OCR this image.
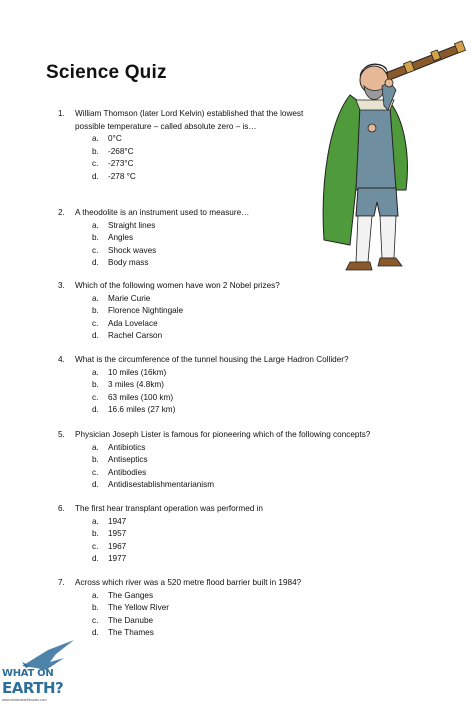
Science Quiz
1.	William Thomson (later Lord Kelvin) established that the lowest possible temperature – called absolute zero – is…
a.	0°C
b.	-268°C
c.	-273°C
d.	-278 °C
2.	A theodolite is an instrument used to measure…
a.	Straight lines
b.	Angles
c.	Shock waves
d.	Body mass
3.	Which of the following women have won 2 Nobel prizes?
a.	Marie Curie
b.	Florence Nightingale
c.	Ada Lovelace
d.	Rachel Carson
4.	What is the circumference of the tunnel housing the Large Hadron Collider?
a.	10 miles (16km)
b.	3 miles (4.8km)
c.	63 miles (100 km)
d.	16.6 miles (27 km)
5.	Physician Joseph Lister is famous for pioneering which of the following concepts?
a.	Antibiotics
b.	Antiseptics
c.	Antibodies
d.	Antidisestablishmentarianism
6.	The first hear transplant operation was performed in
a.	1947
b.	1957
c.	1967
d.	1977
7.	Across which river was a 520 metre flood barrier built in 1984?
a.	The Ganges
b.	The Yellow River
c.	The Danube
d.	The Thames
WHAT ON
EARTH?
www.whatonearthbooks.com
